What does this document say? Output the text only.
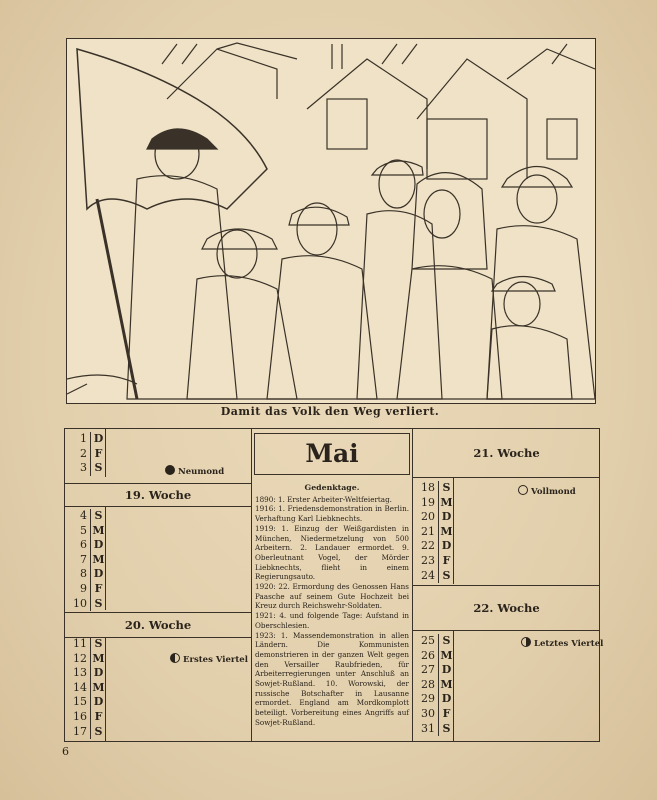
Damit das Volk den Weg verliert.
1 D
2 F
3 S	Neumond
19. Woche
4 S
5 M
6 D
7 M
8 D
9 F
10 S
20. Woche
11 S
12 M
13 D
14 M
15 D
16 F
17 S
Erstes Viertel
Mai
Gedenktage.
1890: 1. Erster Arbeiter-Weltfeiertag.
1916: 1. Friedensdemonstration in Berlin. Verhaftung Karl Liebknechts.
1919: 1. Einzug der Weißgardisten in München, Niedermetzelung von 500 Arbeitern. 2. Landauer ermordet. 9. Oberleutnant Vogel, der Mörder Liebknechts, flieht in einem Regierungsauto.
1920: 22. Ermordung des Genossen Hans Paasche auf seinem Gute Hochzeit bei Kreuz durch Reichswehr-Soldaten.
1921: 4. und folgende Tage: Aufstand in Oberschlesien.
1923: 1. Massendemonstration in allen Ländern. Die Kommunisten demonstrieren in der ganzen Welt gegen den Versailler Raubfrieden, für Arbeiterregierungen unter Anschluß an Sowjet-Rußland. 10. Worowski, der russische Botschafter in Lausanne ermordet. England am Mordkomplott beteiligt. Vorbereitung eines Angriffs auf Sowjet-Rußland.
21. Woche
18 S
19 M
20 D
21 M
22 D
23 F
24 S
Vollmond
22. Woche
25 S
26 M
27 D
28 M
29 D
30 F
31 S
Letztes Viertel
6
